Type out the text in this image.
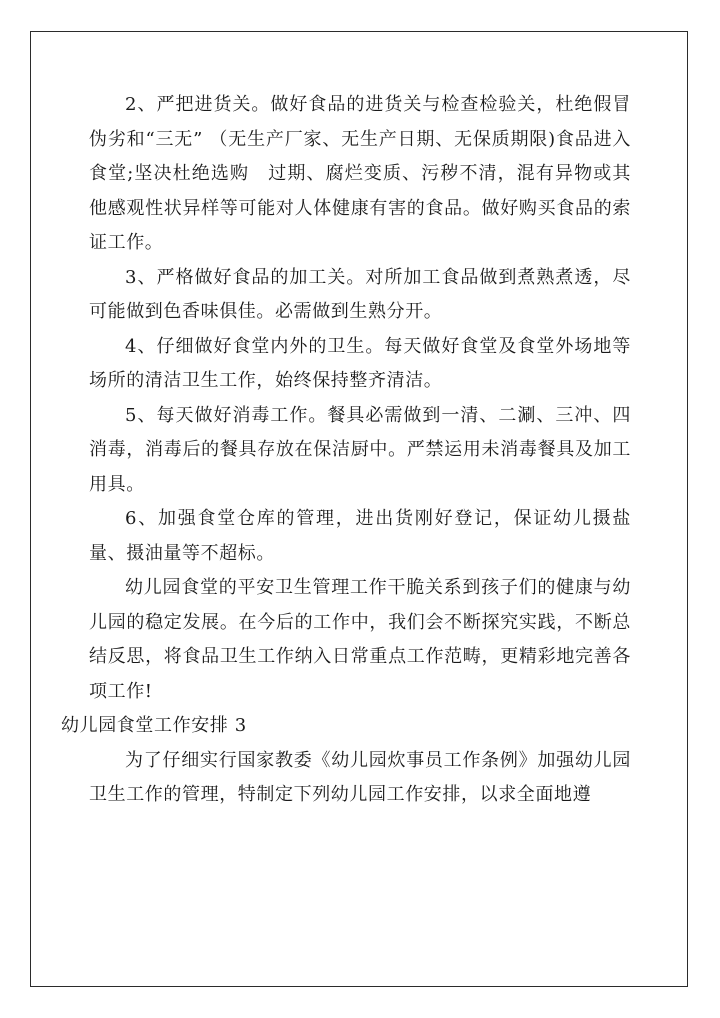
2、严把进货关。做好食品的进货关与检查检验关，杜绝假冒伪劣和“三无” （无生产厂家、无生产日期、无保质期限)食品进入食堂;坚决杜绝选购　过期、腐烂变质、污秽不清，混有异物或其他感观性状异样等可能对人体健康有害的食品。做好购买食品的索证工作。

3、严格做好食品的加工关。对所加工食品做到煮熟煮透，尽可能做到色香味俱佳。必需做到生熟分开。

4、仔细做好食堂内外的卫生。每天做好食堂及食堂外场地等场所的清洁卫生工作，始终保持整齐清洁。

5、每天做好消毒工作。餐具必需做到一清、二涮、三冲、四消毒，消毒后的餐具存放在保洁厨中。严禁运用未消毒餐具及加工用具。

6、加强食堂仓库的管理，进出货刚好登记，保证幼儿摄盐量、摄油量等不超标。

幼儿园食堂的平安卫生管理工作干脆关系到孩子们的健康与幼儿园的稳定发展。在今后的工作中，我们会不断探究实践，不断总结反思，将食品卫生工作纳入日常重点工作范畴，更精彩地完善各项工作!

幼儿园食堂工作安排 3

为了仔细实行国家教委《幼儿园炊事员工作条例》加强幼儿园卫生工作的管理，特制定下列幼儿园工作安排，以求全面地遵
